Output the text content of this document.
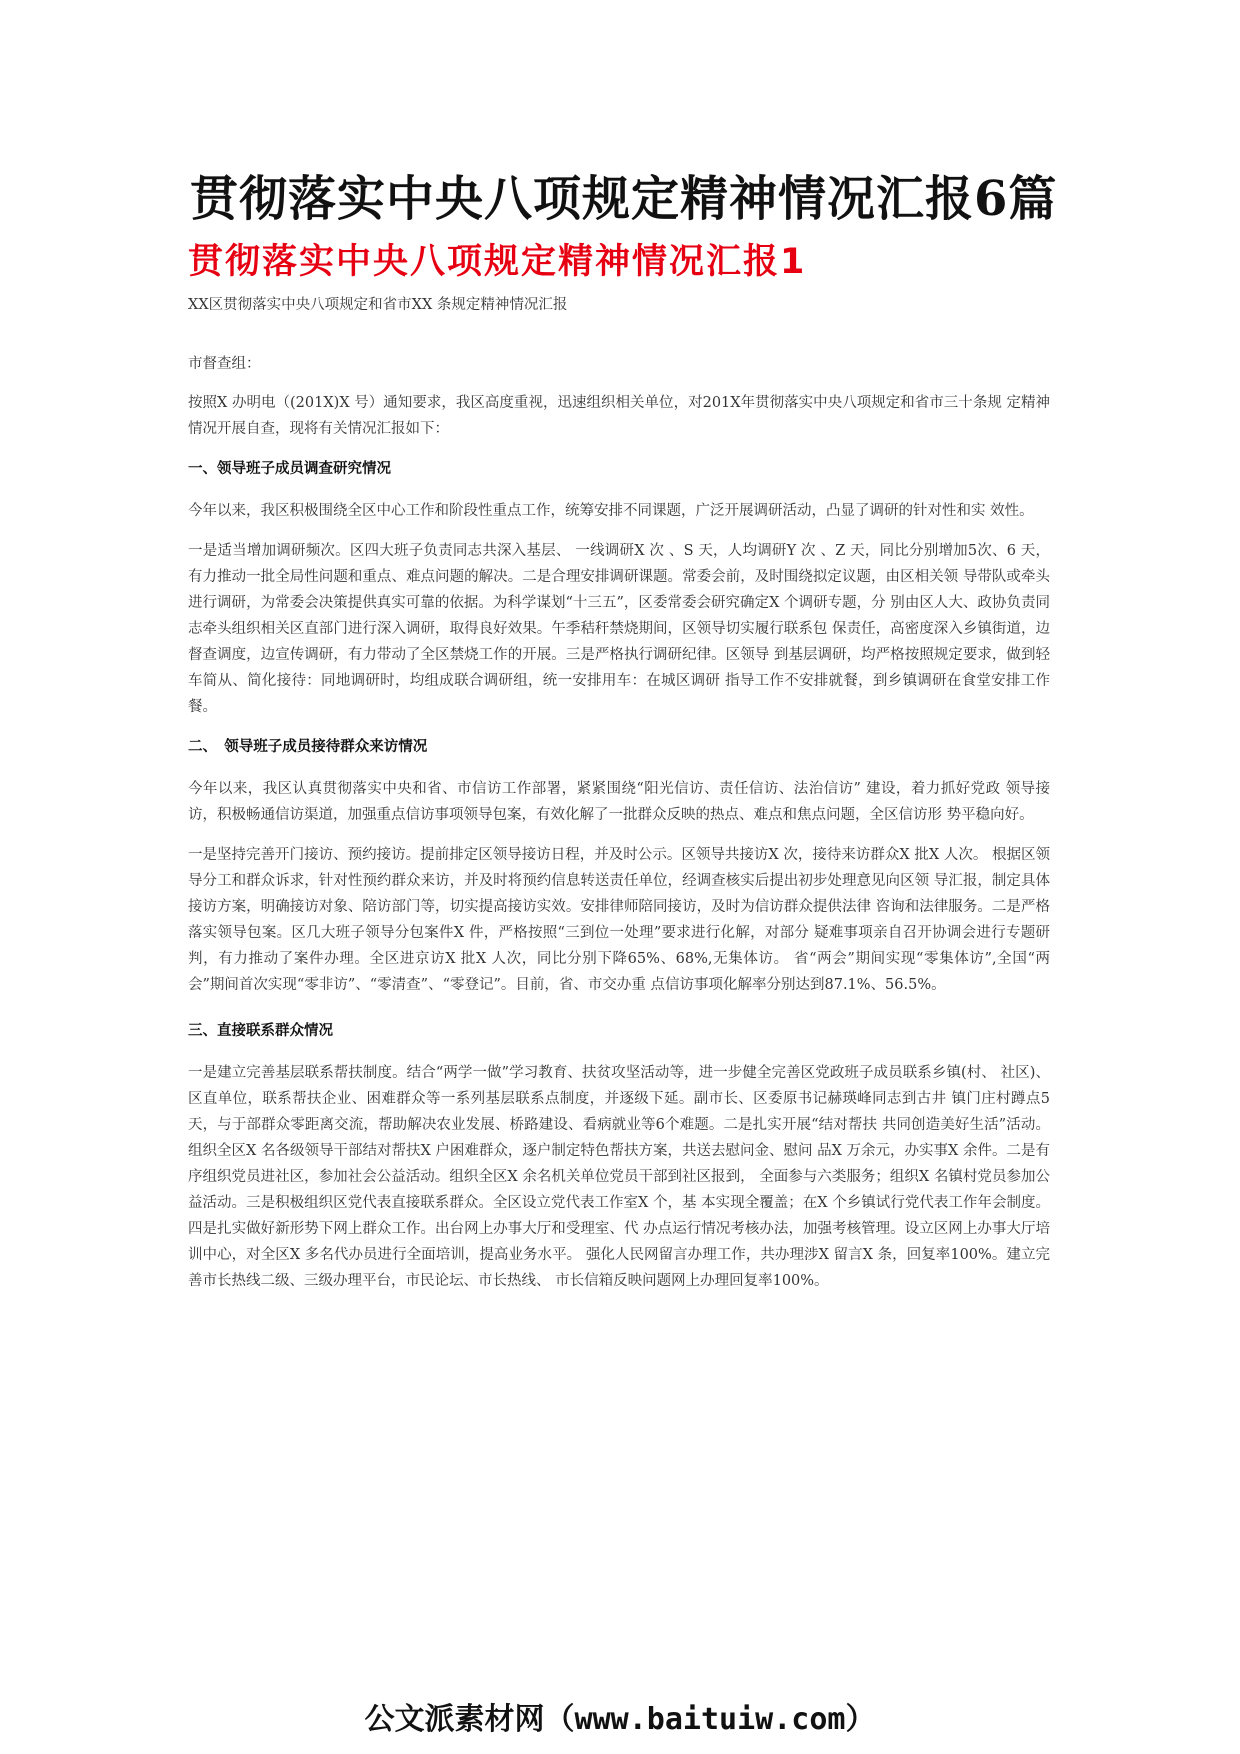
贯彻落实中央八项规定精神情况汇报6篇
贯彻落实中央八项规定精神情况汇报1

XX区贯彻落实中央八项规定和省市XX 条规定精神情况汇报

市督查组：

按照X 办明电（(201X)X 号）通知要求，我区高度重视，迅速组织相关单位，对201X年贯彻落实中央八项规定和省市三十条规 定精神情况开展自查，现将有关情况汇报如下：

一、领导班子成员调查研究情况

今年以来，我区积极围绕全区中心工作和阶段性重点工作，统筹安排不同课题，广泛开展调研活动，凸显了调研的针对性和实 效性。

一是适当增加调研频次。区四大班子负责同志共深入基层、 一线调研X 次 、S 天，人均调研Y 次 、Z 天，同比分别增加5次、6 天，有力推动一批全局性问题和重点、难点问题的解决。二是合理安排调研课题。常委会前，及时围绕拟定议题，由区相关领 导带队或牵头进行调研，为常委会决策提供真实可靠的依据。为科学谋划“十三五”，区委常委会研究确定X 个调研专题，分 别由区人大、政协负责同志牵头组织相关区直部门进行深入调研，取得良好效果。午季秸秆禁烧期间，区领导切实履行联系包 保责任，高密度深入乡镇街道，边督查调度，边宣传调研，有力带动了全区禁烧工作的开展。三是严格执行调研纪律。区领导 到基层调研，均严格按照规定要求，做到轻车简从、简化接待：同地调研时，均组成联合调研组，统一安排用车：在城区调研 指导工作不安排就餐，到乡镇调研在食堂安排工作餐。

二、　领导班子成员接待群众来访情况

今年以来，我区认真贯彻落实中央和省、市信访工作部署，紧紧围绕“阳光信访、责任信访、法治信访” 建设，着力抓好党政 领导接访，积极畅通信访渠道，加强重点信访事项领导包案，有效化解了一批群众反映的热点、难点和焦点问题，全区信访形 势平稳向好。

一是坚持完善开门接访、预约接访。提前排定区领导接访日程，并及时公示。区领导共接访X 次，接待来访群众X 批X 人次。 根据区领导分工和群众诉求，针对性预约群众来访，并及时将预约信息转送责任单位，经调查核实后提出初步处理意见向区领 导汇报，制定具体接访方案，明确接访对象、陪访部门等，切实提高接访实效。安排律师陪同接访，及时为信访群众提供法律 咨询和法律服务。二是严格落实领导包案。区几大班子领导分包案件X 件，严格按照“三到位一处理”要求进行化解，对部分 疑难事项亲自召开协调会进行专题研判，有力推动了案件办理。全区进京访X 批X 人次，同比分别下降65%、68%,无集体访。 省“两会”期间实现“零集体访”,全国“两会”期间首次实现“零非访”、“零清查”、“零登记”。目前，省、市交办重 点信访事项化解率分别达到87.1%、56.5%。

三、直接联系群众情况

一是建立完善基层联系帮扶制度。结合“两学一做”学习教育、扶贫攻坚活动等，进一步健全完善区党政班子成员联系乡镇(村、 社区)、区直单位，联系帮扶企业、困难群众等一系列基层联系点制度，并逐级下延。副市长、区委原书记赫瑛峰同志到古井 镇门庄村蹲点5天，与于部群众零距离交流，帮助解决农业发展、桥路建设、看病就业等6个难题。二是扎实开展“结对帮扶 共同创造美好生活”活动。组织全区X 名各级领导干部结对帮扶X 户困难群众，逐户制定特色帮扶方案，共送去慰问金、慰问 品X 万余元，办实事X 余件。二是有序组织党员进社区，参加社会公益活动。组织全区X 余名机关单位党员干部到社区报到， 全面参与六类服务；组织X 名镇村党员参加公益活动。三是积极组织区党代表直接联系群众。全区设立党代表工作室X 个，基 本实现全覆盖；在X 个乡镇试行党代表工作年会制度。四是扎实做好新形势下网上群众工作。出台网上办事大厅和受理室、代 办点运行情况考核办法，加强考核管理。设立区网上办事大厅培训中心，对全区X 多名代办员进行全面培训，提高业务水平。 强化人民网留言办理工作，共办理涉X 留言X 条，回复率100%。建立完善市长热线二级、三级办理平台，市民论坛、市长热线、 市长信箱反映问题网上办理回复率100%。

公文派素材网（www.baituiw.com）
